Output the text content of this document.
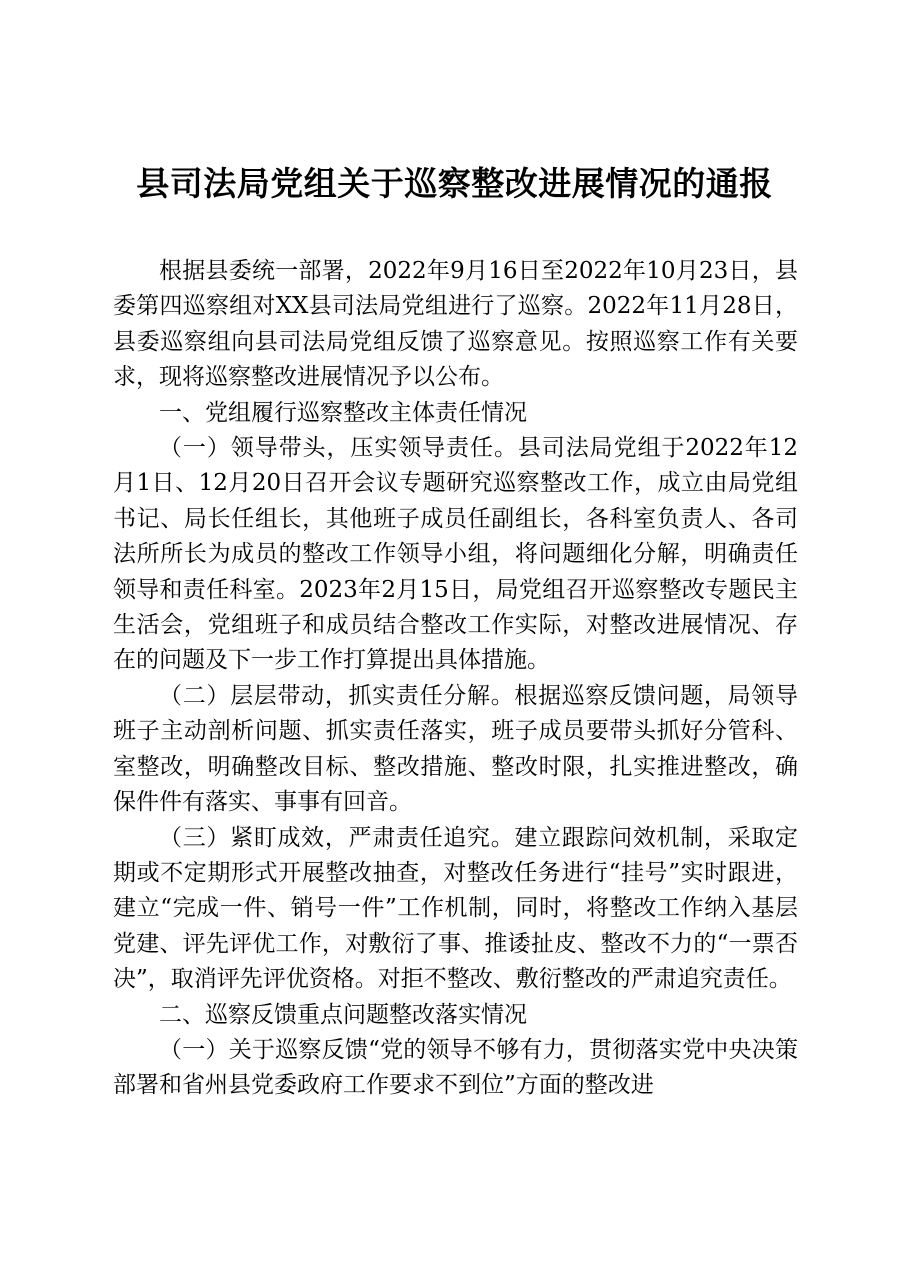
县司法局党组关于巡察整改进展情况的通报

根据县委统一部署，2022年9月16日至2022年10月23日，县委第四巡察组对XX县司法局党组进行了巡察。2022年11月28日，县委巡察组向县司法局党组反馈了巡察意见。按照巡察工作有关要求，现将巡察整改进展情况予以公布。

一、党组履行巡察整改主体责任情况

（一）领导带头，压实领导责任。县司法局党组于2022年12月1日、12月20日召开会议专题研究巡察整改工作，成立由局党组书记、局长任组长，其他班子成员任副组长，各科室负责人、各司法所所长为成员的整改工作领导小组，将问题细化分解，明确责任领导和责任科室。2023年2月15日，局党组召开巡察整改专题民主生活会，党组班子和成员结合整改工作实际，对整改进展情况、存在的问题及下一步工作打算提出具体措施。

（二）层层带动，抓实责任分解。根据巡察反馈问题，局领导班子主动剖析问题、抓实责任落实，班子成员要带头抓好分管科、室整改，明确整改目标、整改措施、整改时限，扎实推进整改，确保件件有落实、事事有回音。

（三）紧盯成效，严肃责任追究。建立跟踪问效机制，采取定期或不定期形式开展整改抽查，对整改任务进行“挂号”实时跟进，建立“完成一件、销号一件”工作机制，同时，将整改工作纳入基层党建、评先评优工作，对敷衍了事、推诿扯皮、整改不力的“一票否决”，取消评先评优资格。对拒不整改、敷衍整改的严肃追究责任。

二、巡察反馈重点问题整改落实情况

（一）关于巡察反馈“党的领导不够有力，贯彻落实党中央决策部署和省州县党委政府工作要求不到位”方面的整改进
